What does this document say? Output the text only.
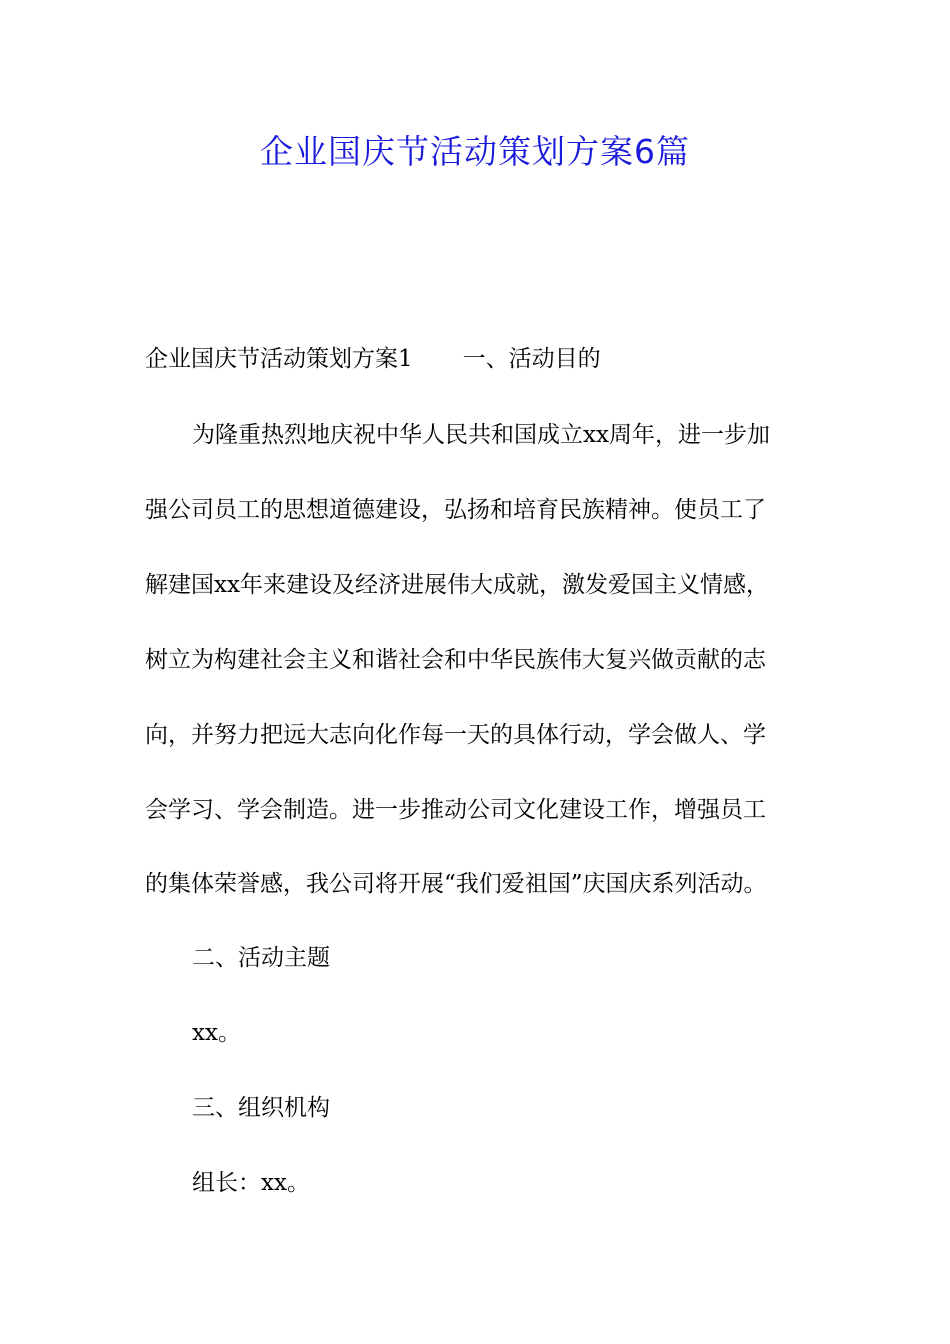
企业国庆节活动策划方案6篇

企业国庆节活动策划方案1 一、活动目的

为隆重热烈地庆祝中华人民共和国成立xx周年，进一步加

强公司员工的思想道德建设，弘扬和培育民族精神。使员工了

解建国xx年来建设及经济进展伟大成就，激发爱国主义情感，

树立为构建社会主义和谐社会和中华民族伟大复兴做贡献的志

向，并努力把远大志向化作每一天的具体行动，学会做人、学

会学习、学会制造。进一步推动公司文化建设工作，增强员工

的集体荣誉感，我公司将开展“我们爱祖国”庆国庆系列活动。

二、活动主题

xx。

三、组织机构

组长：xx。
